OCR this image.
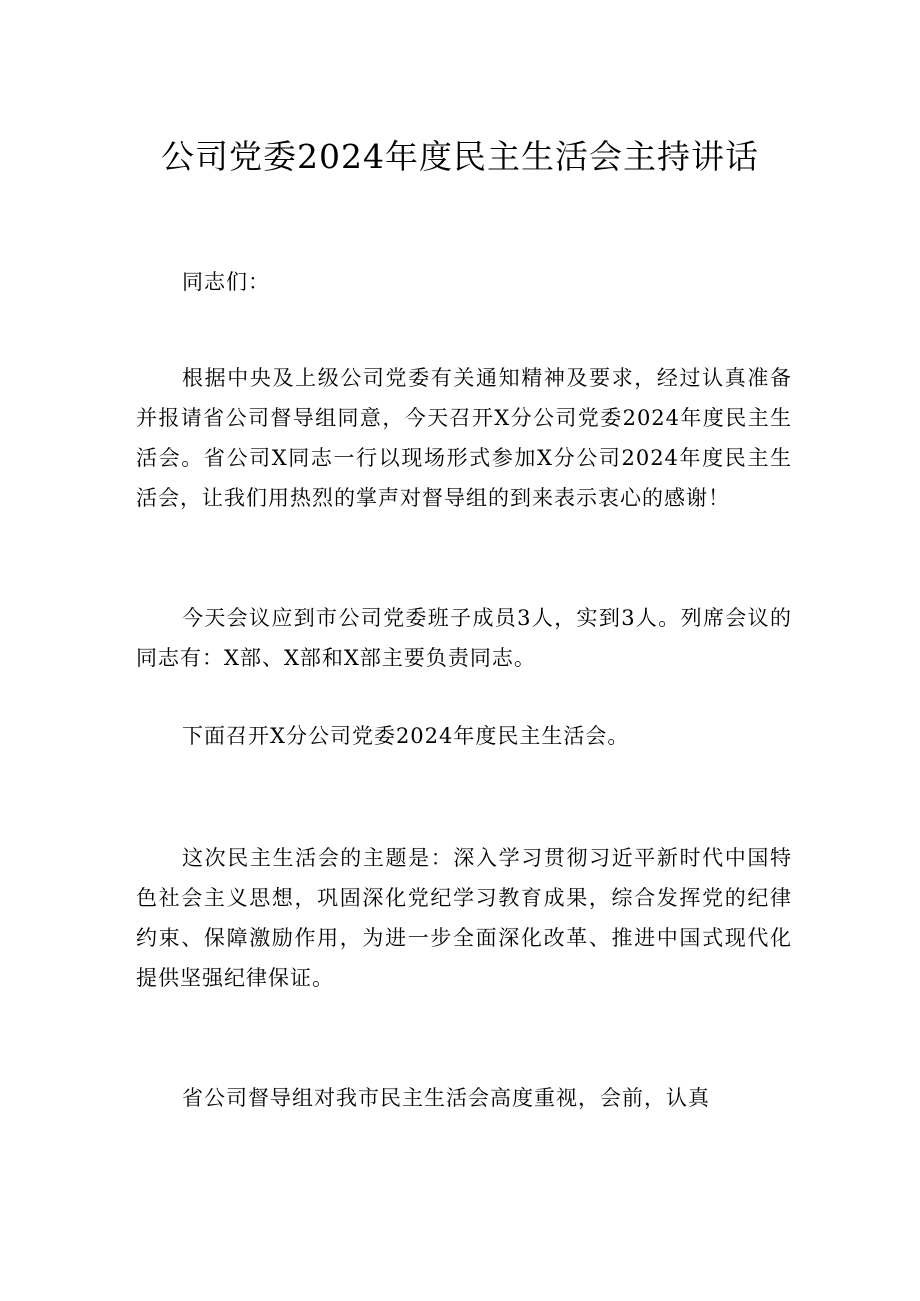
公司党委2024年度民主生活会主持讲话

同志们：

根据中央及上级公司党委有关通知精神及要求，经过认真准备并报请省公司督导组同意，今天召开X分公司党委2024年度民主生活会。省公司X同志一行以现场形式参加X分公司2024年度民主生活会，让我们用热烈的掌声对督导组的到来表示衷心的感谢！

今天会议应到市公司党委班子成员3人，实到3人。列席会议的同志有：X部、X部和X部主要负责同志。

下面召开X分公司党委2024年度民主生活会。

这次民主生活会的主题是：深入学习贯彻习近平新时代中国特色社会主义思想，巩固深化党纪学习教育成果，综合发挥党的纪律约束、保障激励作用，为进一步全面深化改革、推进中国式现代化提供坚强纪律保证。

省公司督导组对我市民主生活会高度重视，会前，认真
